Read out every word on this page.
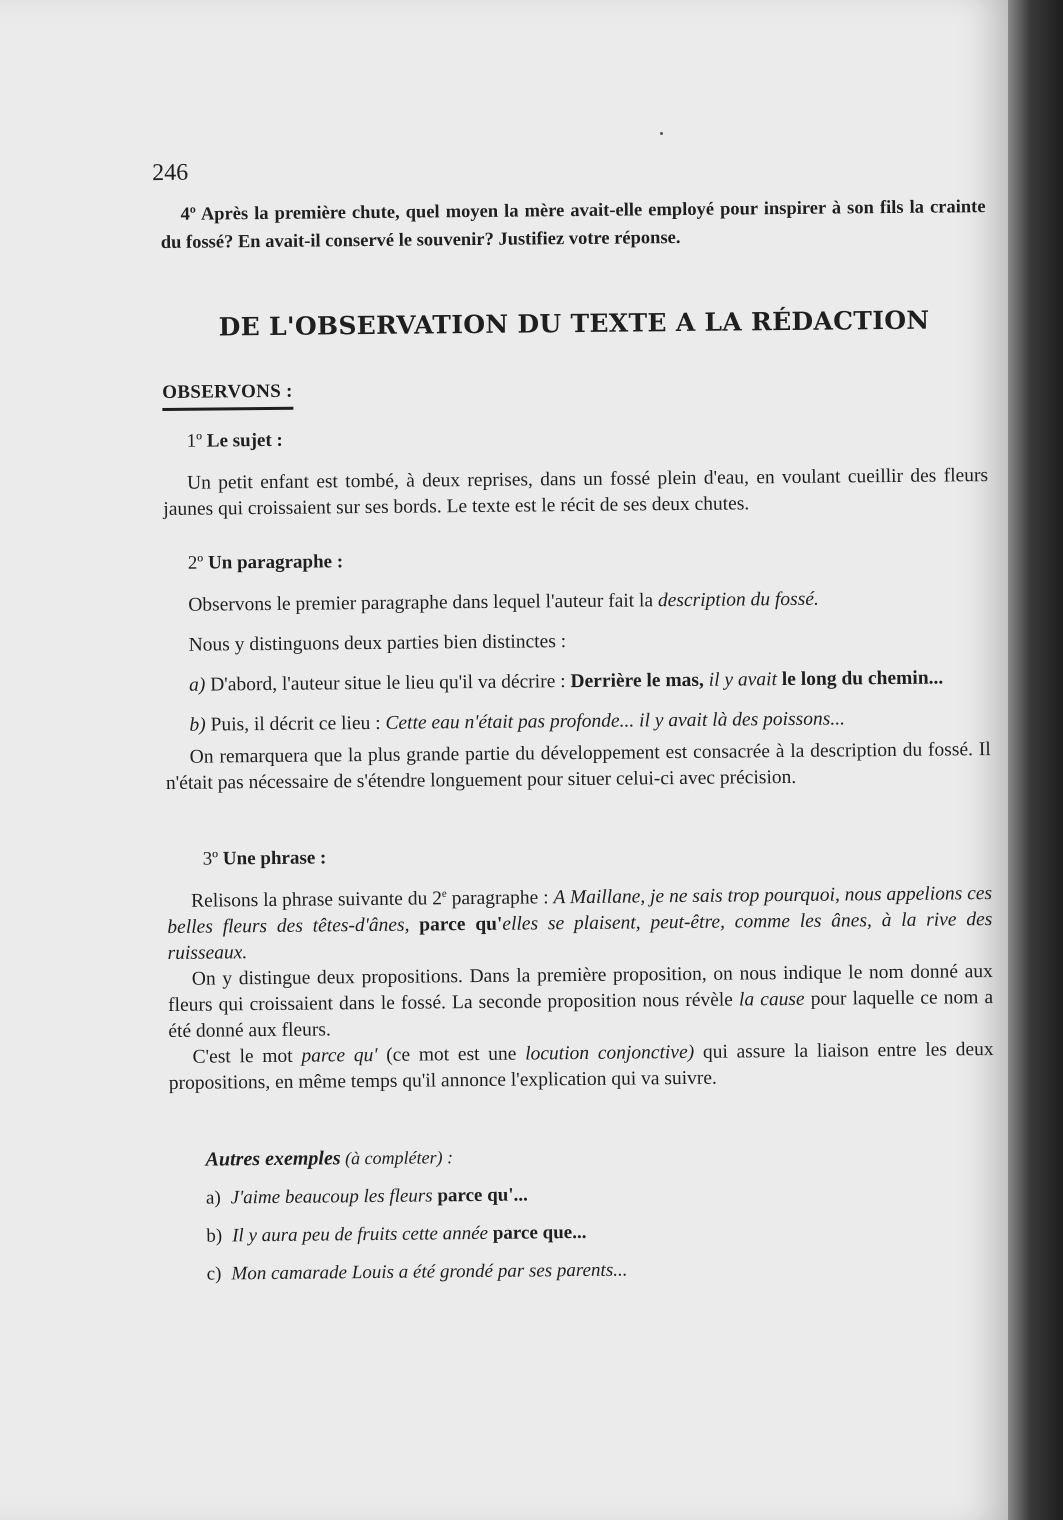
246

4º Après la première chute, quel moyen la mère avait-elle employé pour inspirer à son fils la crainte du fossé? En avait-il conservé le souvenir? Justifiez votre réponse.

DE L'OBSERVATION DU TEXTE A LA RÉDACTION
OBSERVONS :
1º Le sujet :

Un petit enfant est tombé, à deux reprises, dans un fossé plein d'eau, en voulant cueillir des fleurs jaunes qui croissaient sur ses bords. Le texte est le récit de ses deux chutes.

2º Un paragraphe :

Observons le premier paragraphe dans lequel l'auteur fait la description du fossé.

Nous y distinguons deux parties bien distinctes :

a) D'abord, l'auteur situe le lieu qu'il va décrire : Derrière le mas, il y avait le long du chemin...

b) Puis, il décrit ce lieu : Cette eau n'était pas profonde... il y avait là des poissons...

On remarquera que la plus grande partie du développement est consacrée à la description du fossé. Il n'était pas nécessaire de s'étendre longuement pour situer celui-ci avec précision.

3º Une phrase :

Relisons la phrase suivante du 2e paragraphe : A Maillane, je ne sais trop pourquoi, nous appelions ces belles fleurs des têtes-d'ânes, parce qu'elles se plaisent, peut-être, comme les ânes, à la rive des ruisseaux.

On y distingue deux propositions. Dans la première proposition, on nous indique le nom donné aux fleurs qui croissaient dans le fossé. La seconde proposition nous révèle la cause pour laquelle ce nom a été donné aux fleurs.

C'est le mot parce qu' (ce mot est une locution conjonctive) qui assure la liaison entre les deux propositions, en même temps qu'il annonce l'explication qui va suivre.

Autres exemples (à compléter) :
a) J'aime beaucoup les fleurs parce qu'...
b) Il y aura peu de fruits cette année parce que...
c) Mon camarade Louis a été grondé par ses parents...
